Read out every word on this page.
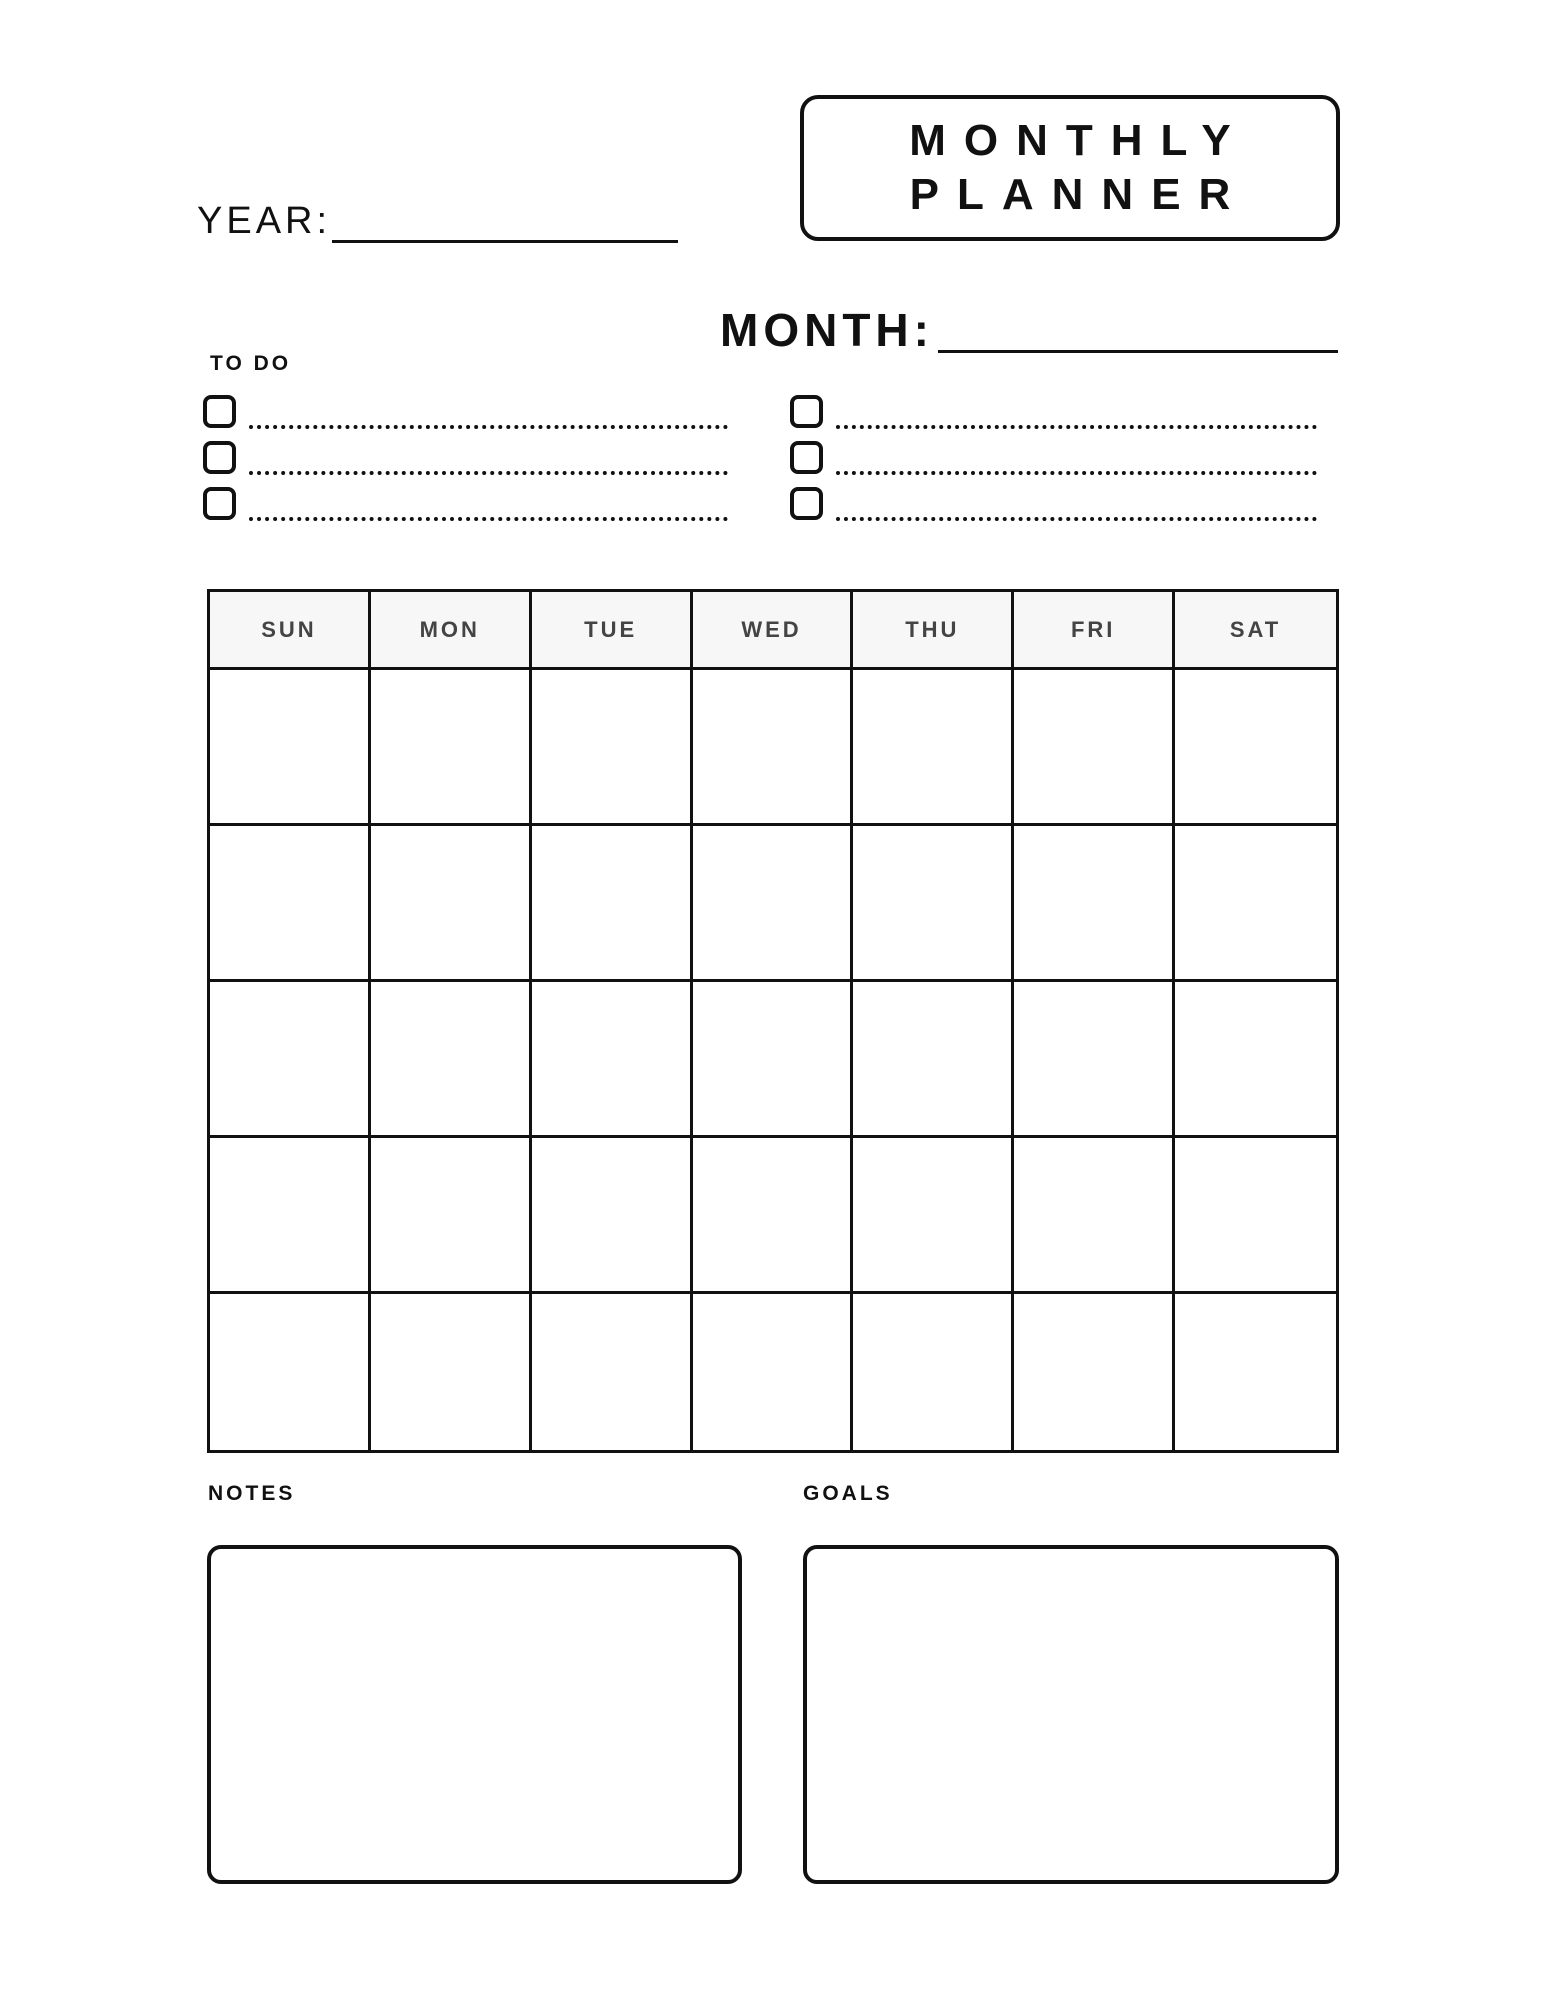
MONTHLY
PLANNER
YEAR:
MONTH:
TO DO
SUN	MON	TUE	WED	THU	FRI	SAT
NOTES	GOALS
